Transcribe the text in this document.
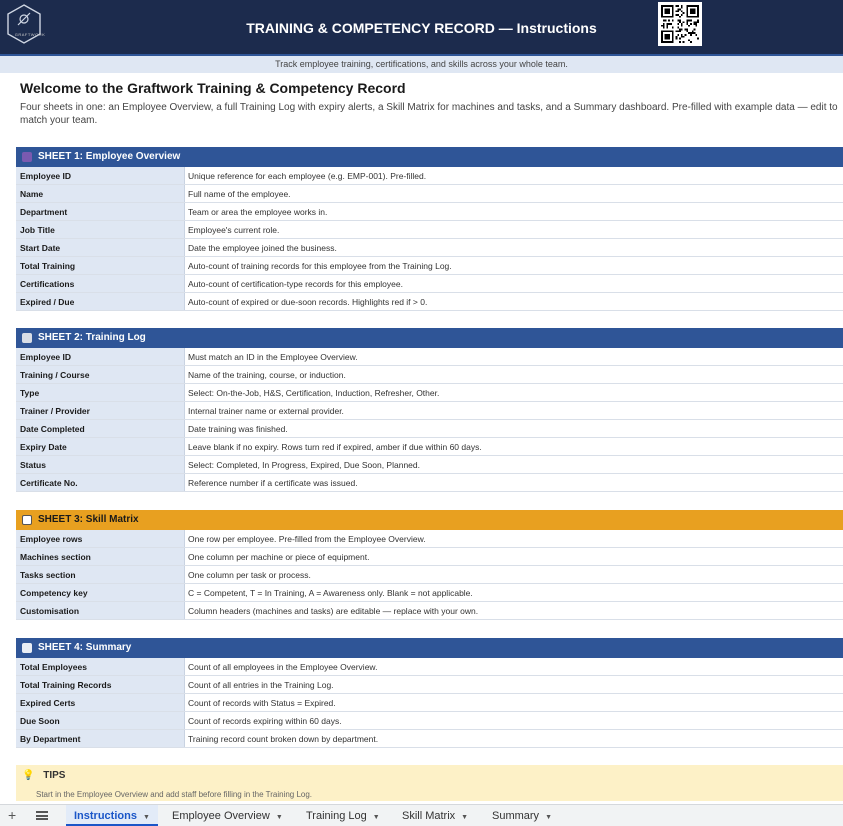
GRAFTWORK	TRAINING & COMPETENCY RECORD — Instructions
Track employee training, certifications, and skills across your whole team.
Welcome to the Graftwork Training & Competency Record
Four sheets in one: an Employee Overview, a full Training Log with expiry alerts, a Skill Matrix for machines and tasks, and a Summary dashboard. Pre-filled with example data — edit to match your team.
SHEET 1: Employee Overview
Employee ID	Unique reference for each employee (e.g. EMP-001). Pre-filled.
Name	Full name of the employee.
Department	Team or area the employee works in.
Job Title	Employee's current role.
Start Date	Date the employee joined the business.
Total Training	Auto-count of training records for this employee from the Training Log.
Certifications	Auto-count of certification-type records for this employee.
Expired / Due	Auto-count of expired or due-soon records. Highlights red if > 0.
SHEET 2: Training Log
Employee ID	Must match an ID in the Employee Overview.
Training / Course	Name of the training, course, or induction.
Type	Select: On-the-Job, H&S, Certification, Induction, Refresher, Other.
Trainer / Provider	Internal trainer name or external provider.
Date Completed	Date training was finished.
Expiry Date	Leave blank if no expiry. Rows turn red if expired, amber if due within 60 days.
Status	Select: Completed, In Progress, Expired, Due Soon, Planned.
Certificate No.	Reference number if a certificate was issued.
SHEET 3: Skill Matrix
Employee rows	One row per employee. Pre-filled from the Employee Overview.
Machines section	One column per machine or piece of equipment.
Tasks section	One column per task or process.
Competency key	C = Competent, T = In Training, A = Awareness only. Blank = not applicable.
Customisation	Column headers (machines and tasks) are editable — replace with your own.
SHEET 4: Summary
Total Employees	Count of all employees in the Employee Overview.
Total Training Records	Count of all entries in the Training Log.
Expired Certs	Count of records with Status = Expired.
Due Soon	Count of records expiring within 60 days.
By Department	Training record count broken down by department.
💡 TIPS
Start in the Employee Overview and add staff before filling in the Training Log.
+	Instructions ▼	Employee Overview ▼	Training Log ▼	Skill Matrix ▼	Summary ▼
